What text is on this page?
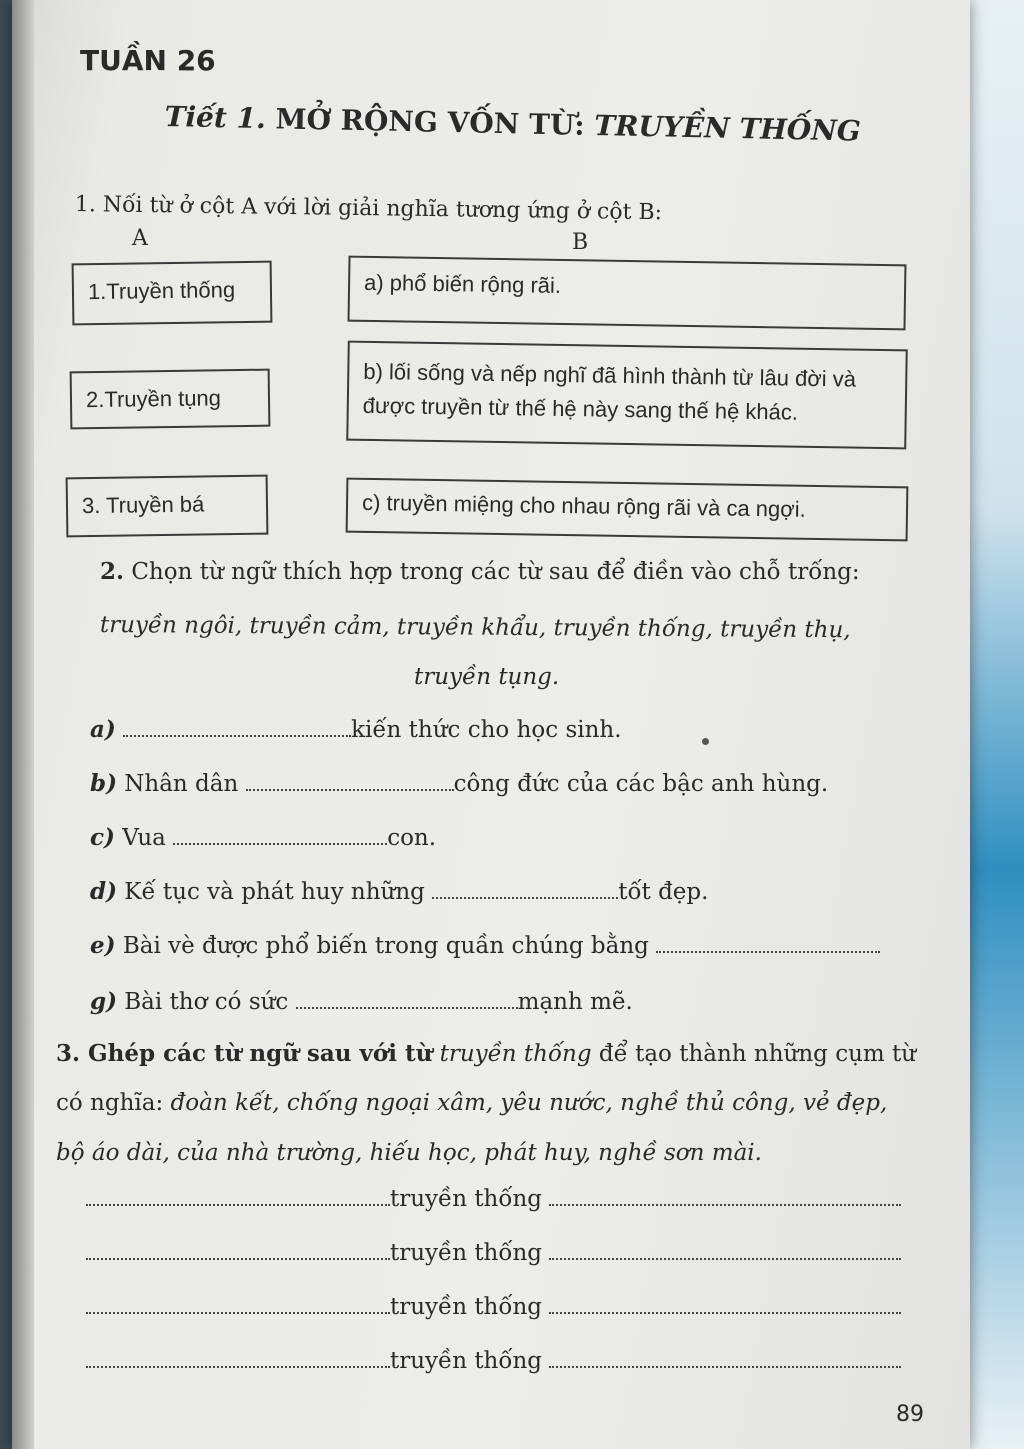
TUẦN 26
Tiết 1. MỞ RỘNG VỐN TỪ: TRUYỀN THỐNG
1. Nối từ ở cột A với lời giải nghĩa tương ứng ở cột B:
A	B
1.Truyền thống
2.Truyền tụng
3. Truyền bá
a) phổ biến rộng rãi.
b) lối sống và nếp nghĩ đã hình thành từ lâu đời và được truyền từ thế hệ này sang thế hệ khác.
c) truyền miệng cho nhau rộng rãi và ca ngợi.
2. Chọn từ ngữ thích hợp trong các từ sau để điền vào chỗ trống:
truyền ngôi, truyền cảm, truyền khẩu, truyền thống, truyền thụ,
truyền tụng.
a)	kiến thức cho học sinh.
b) Nhân dân	công đức của các bậc anh hùng.
c) Vua	con.
d) Kế tục và phát huy những	tốt đẹp.
e) Bài vè được phổ biến trong quần chúng bằng
g) Bài thơ có sức	mạnh mẽ.
3. Ghép các từ ngữ sau với từ truyền thống để tạo thành những cụm từ
có nghĩa: đoàn kết, chống ngoại xâm, yêu nước, nghề thủ công, vẻ đẹp,
bộ áo dài, của nhà trường, hiếu học, phát huy, nghề sơn mài.
truyền thống
truyền thống
truyền thống
truyền thống
89
